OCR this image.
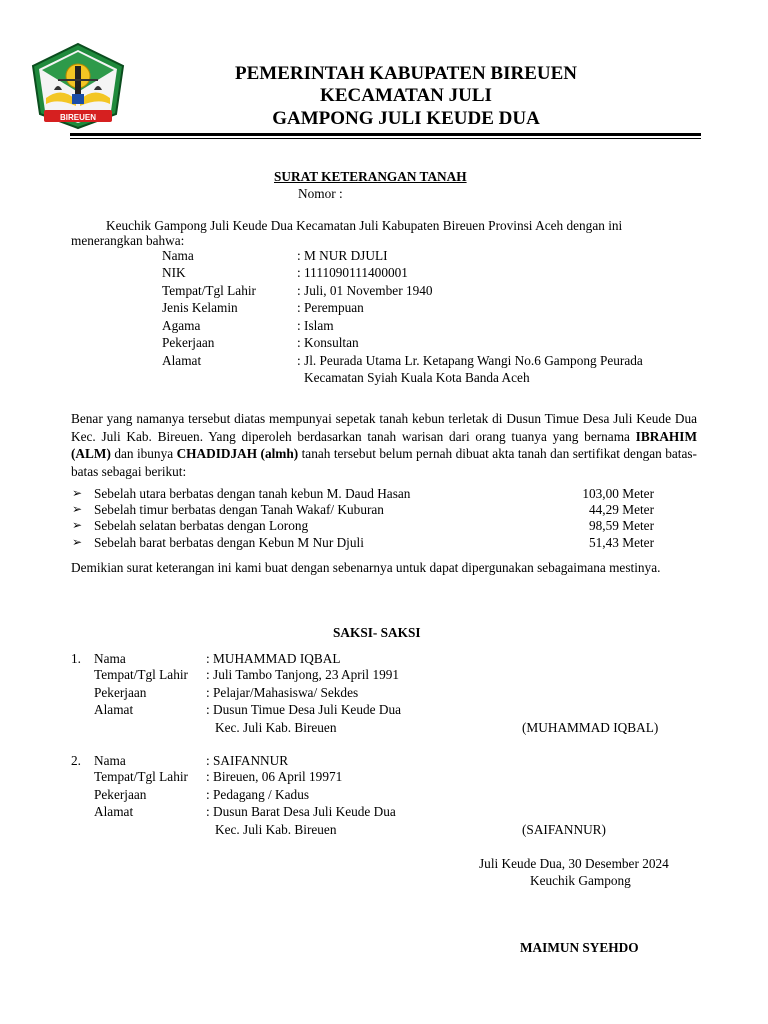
BIREUEN
PEMERINTAH KABUPATEN BIREUEN
KECAMATAN JULI
GAMPONG JULI KEUDE DUA
SURAT KETERANGAN TANAH
Nomor :
Keuchik Gampong Juli Keude Dua Kecamatan Juli Kabupaten Bireuen Provinsi Aceh dengan ini
menerangkan bahwa:
Nama	: M NUR DJULI
NIK	: 1111090111400001
Tempat/Tgl Lahir	: Juli, 01 November 1940
Jenis Kelamin	: Perempuan
Agama	: Islam
Pekerjaan	: Konsultan
Alamat	: Jl. Peurada Utama Lr. Ketapang Wangi No.6 Gampong Peurada
Kecamatan Syiah Kuala Kota Banda Aceh
Benar yang namanya tersebut diatas mempunyai sepetak tanah kebun terletak di Dusun Timue Desa Juli Keude Dua Kec. Juli Kab. Bireuen. Yang diperoleh berdasarkan tanah warisan dari orang tuanya yang bernama IBRAHIM (ALM) dan ibunya CHADIDJAH (almh) tanah tersebut belum pernah dibuat akta tanah dan sertifikat dengan batas- batas sebagai berikut:
➢ Sebelah utara berbatas dengan tanah kebun M. Daud Hasan	103,00 Meter
➢ Sebelah timur berbatas dengan Tanah Wakaf/ Kuburan	44,29 Meter
➢ Sebelah selatan berbatas dengan Lorong	98,59 Meter
➢ Sebelah barat berbatas dengan Kebun M Nur Djuli	51,43 Meter
Demikian surat keterangan ini kami buat dengan sebenarnya untuk dapat dipergunakan sebagaimana mestinya.
SAKSI- SAKSI
1. Nama	: MUHAMMAD IQBAL
Tempat/Tgl Lahir : Juli Tambo Tanjong, 23 April 1991
Pekerjaan	: Pelajar/Mahasiswa/ Sekdes
Alamat	: Dusun Timue Desa Juli Keude Dua
Kec. Juli Kab. Bireuen	(MUHAMMAD IQBAL)
2. Nama	: SAIFANNUR
Tempat/Tgl Lahir : Bireuen, 06 April 19971
Pekerjaan	: Pedagang / Kadus
Alamat	: Dusun Barat Desa Juli Keude Dua
Kec. Juli Kab. Bireuen	(SAIFANNUR)
Juli Keude Dua, 30 Desember 2024
Keuchik Gampong
MAIMUN SYEHDO
